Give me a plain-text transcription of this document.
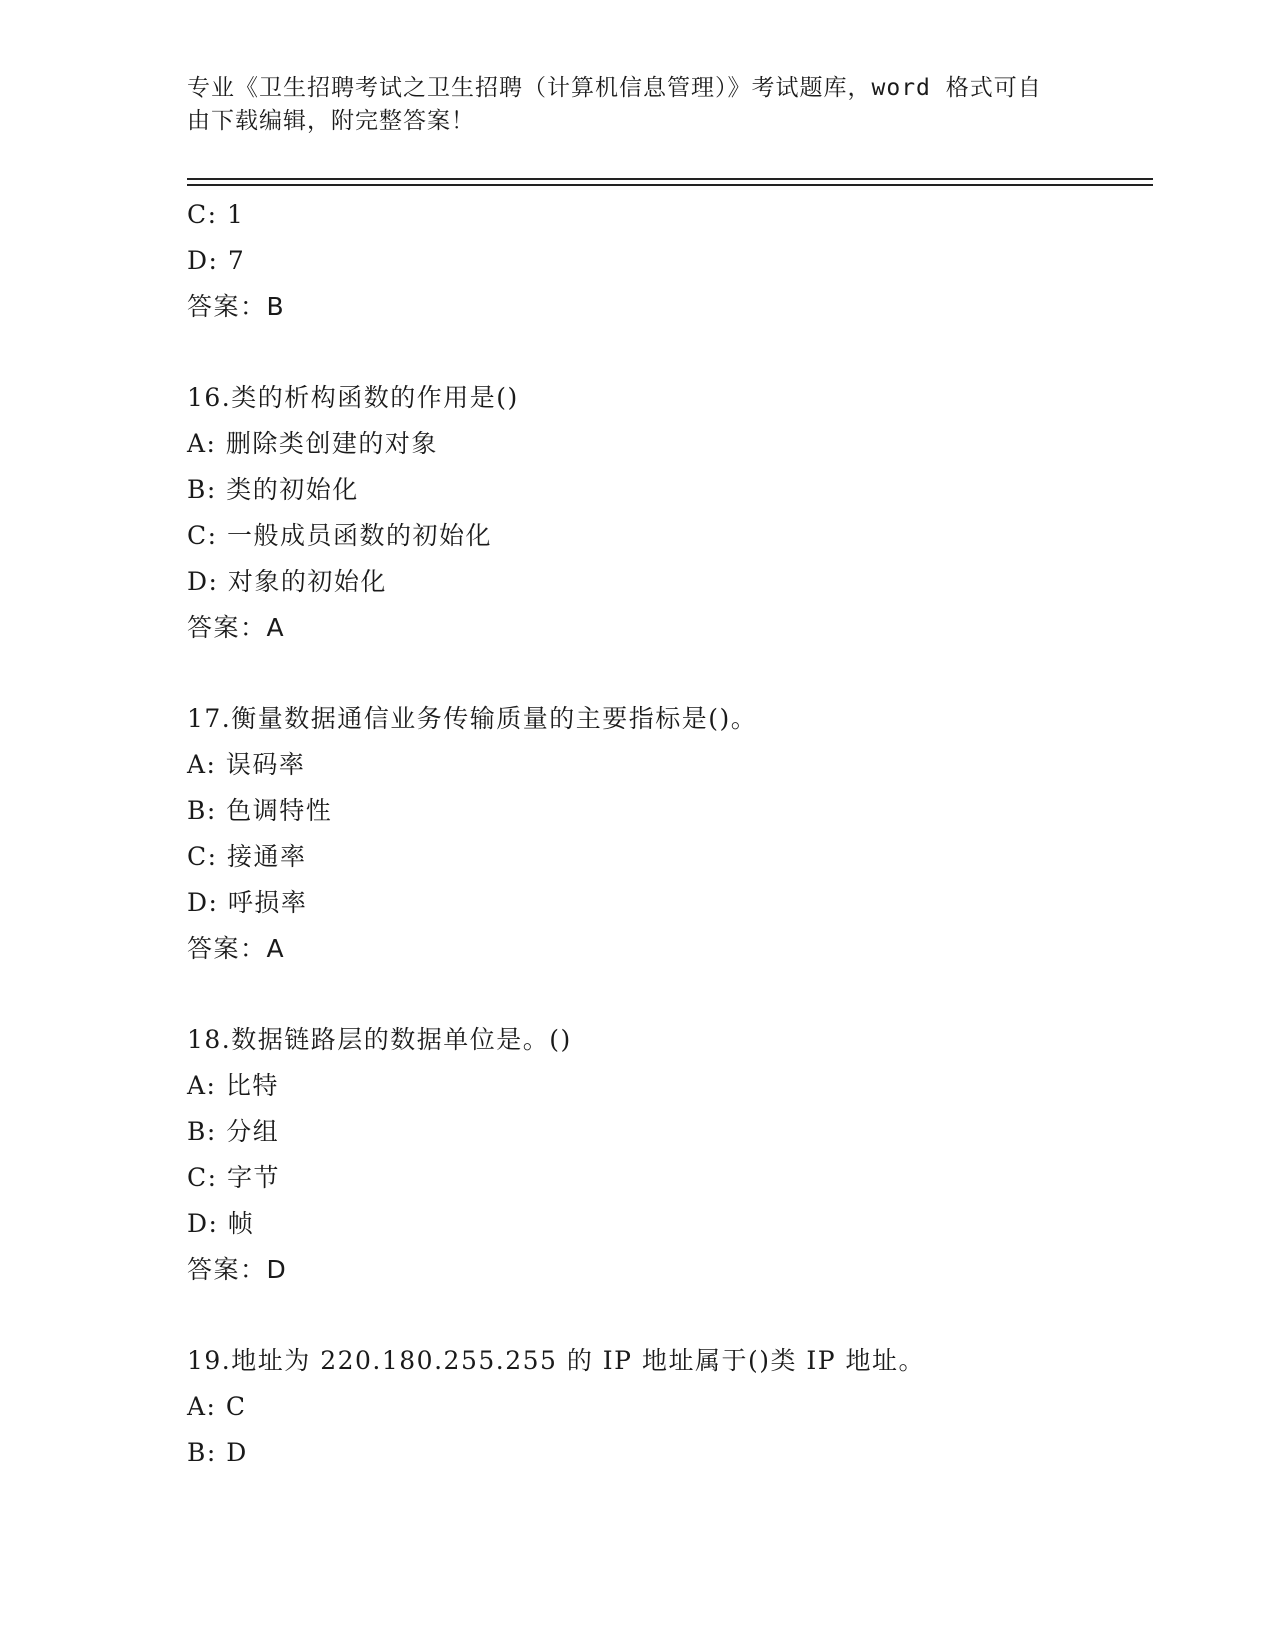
专业《卫生招聘考试之卫生招聘（计算机信息管理）》考试题库，word 格式可自
由下载编辑，附完整答案！
C: 1
D: 7
答案：B
16.类的析构函数的作用是()
A: 删除类创建的对象
B: 类的初始化
C: 一般成员函数的初始化
D: 对象的初始化
答案：A
17.衡量数据通信业务传输质量的主要指标是()。
A: 误码率
B: 色调特性
C: 接通率
D: 呼损率
答案：A
18.数据链路层的数据单位是。()
A: 比特
B: 分组
C: 字节
D: 帧
答案：D
19.地址为 220.180.255.255 的 IP 地址属于()类 IP 地址。
A: C
B: D
